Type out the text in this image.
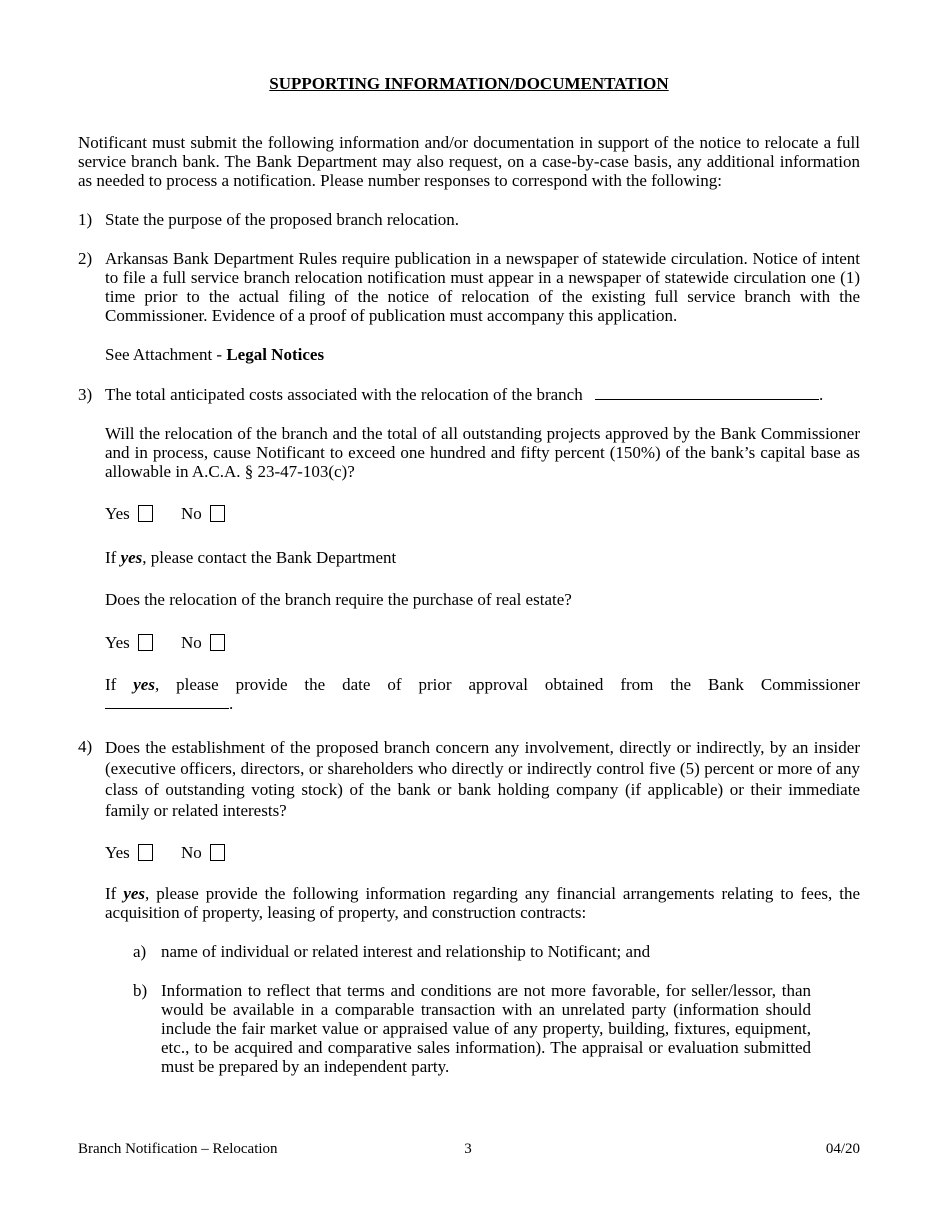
SUPPORTING INFORMATION/DOCUMENTATION
Notificant must submit the following information and/or documentation in support of the notice to relocate a full service branch bank. The Bank Department may also request, on a case-by-case basis, any additional information as needed to process a notification. Please number responses to correspond with the following:
1) State the purpose of the proposed branch relocation.
2) Arkansas Bank Department Rules require publication in a newspaper of statewide circulation. Notice of intent to file a full service branch relocation notification must appear in a newspaper of statewide circulation one (1) time prior to the actual filing of the notice of relocation of the existing full service branch with the Commissioner. Evidence of a proof of publication must accompany this application.
See Attachment - Legal Notices
3) The total anticipated costs associated with the relocation of the branch	.
Will the relocation of the branch and the total of all outstanding projects approved by the Bank Commissioner and in process, cause Notificant to exceed one hundred and fifty percent (150%) of the bank’s capital base as allowable in A.C.A. § 23-47-103(c)?
Yes	No
If yes, please contact the Bank Department
Does the relocation of the branch require the purchase of real estate?
Yes	No
If yes, please provide the date of prior approval obtained from the Bank Commissioner
.
4) Does the establishment of the proposed branch concern any involvement, directly or indirectly, by an insider (executive officers, directors, or shareholders who directly or indirectly control five (5) percent or more of any class of outstanding voting stock) of the bank or bank holding company (if applicable) or their immediate family or related interests?
Yes	No
If yes, please provide the following information regarding any financial arrangements relating to fees, the acquisition of property, leasing of property, and construction contracts:
a) name of individual or related interest and relationship to Notificant; and
b) Information to reflect that terms and conditions are not more favorable, for seller/lessor, than would be available in a comparable transaction with an unrelated party (information should include the fair market value or appraised value of any property, building, fixtures, equipment, etc., to be acquired and comparative sales information). The appraisal or evaluation submitted must be prepared by an independent party.
Branch Notification – Relocation	3	04/20
